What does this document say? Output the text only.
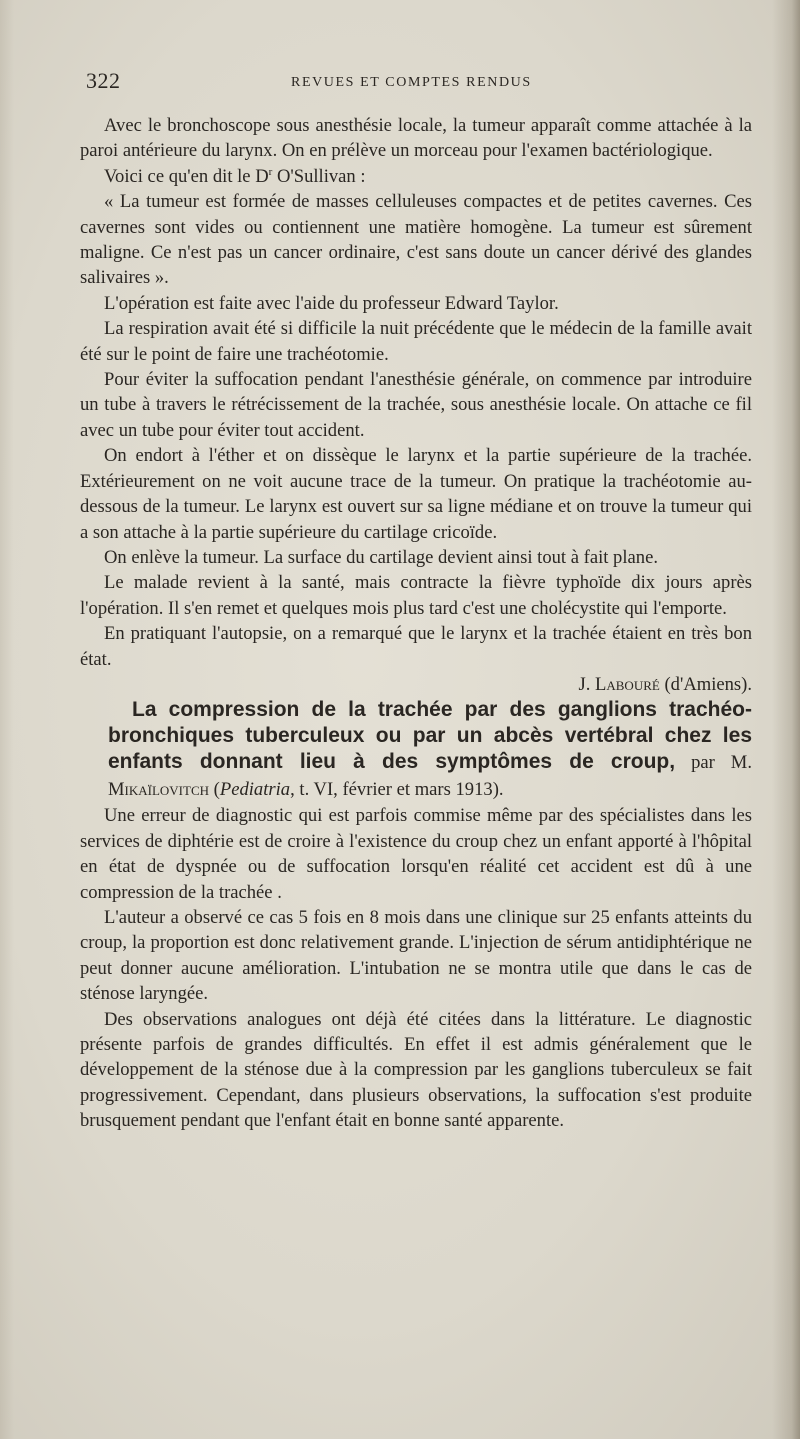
322	REVUES ET COMPTES RENDUS

Avec le bronchoscope sous anesthésie locale, la tumeur apparaît comme attachée à la paroi antérieure du larynx. On en prélève un morceau pour l'examen bactériologique.

Voici ce qu'en dit le $D^r$ O'Sullivan :

« La tumeur est formée de masses celluleuses compactes et de petites cavernes. Ces cavernes sont vides ou contiennent une matière homogène. La tumeur est sûrement maligne. Ce n'est pas un cancer ordinaire, c'est sans doute un cancer dérivé des glandes salivaires ».

L'opération est faite avec l'aide du professeur Edward Taylor.

La respiration avait été si difficile la nuit précédente que le médecin de la famille avait été sur le point de faire une trachéotomie.

Pour éviter la suffocation pendant l'anesthésie générale, on commence par introduire un tube à travers le rétrécissement de la trachée, sous anesthésie locale. On attache ce fil avec un tube pour éviter tout accident.

On endort à l'éther et on dissèque le larynx et la partie supérieure de la trachée. Extérieurement on ne voit aucune trace de la tumeur. On pratique la trachéotomie au-dessous de la tumeur. Le larynx est ouvert sur sa ligne médiane et on trouve la tumeur qui a son attache à la partie supérieure du cartilage cricoïde.

On enlève la tumeur. La surface du cartilage devient ainsi tout à fait plane.

Le malade revient à la santé, mais contracte la fièvre typhoïde dix jours après l'opération. Il s'en remet et quelques mois plus tard c'est une cholécystite qui l'emporte.

En pratiquant l'autopsie, on a remarqué que le larynx et la trachée étaient en très bon état.

J. Labouré (d'Amiens).

La compression de la trachée par des ganglions trachéo-bronchiques tuberculeux ou par un abcès vertébral chez les enfants donnant lieu à des symptômes de croup, par M. Mikaïlovitch (Pediatria, t. VI, février et mars 1913).

Une erreur de diagnostic qui est parfois commise même par des spécialistes dans les services de diphtérie est de croire à l'existence du croup chez un enfant apporté à l'hôpital en état de dyspnée ou de suffocation lorsqu'en réalité cet accident est dû à une compression de la trachée .

L'auteur a observé ce cas 5 fois en 8 mois dans une clinique sur 25 enfants atteints du croup, la proportion est donc relativement grande. L'injection de sérum antidiphtérique ne peut donner aucune amélioration. L'intubation ne se montra utile que dans le cas de sténose laryngée.

Des observations analogues ont déjà été citées dans la littérature. Le diagnostic présente parfois de grandes difficultés. En effet il est admis généralement que le développement de la sténose due à la compression par les ganglions tuberculeux se fait progressivement. Cependant, dans plusieurs observations, la suffocation s'est produite brusquement pendant que l'enfant était en bonne santé apparente.
